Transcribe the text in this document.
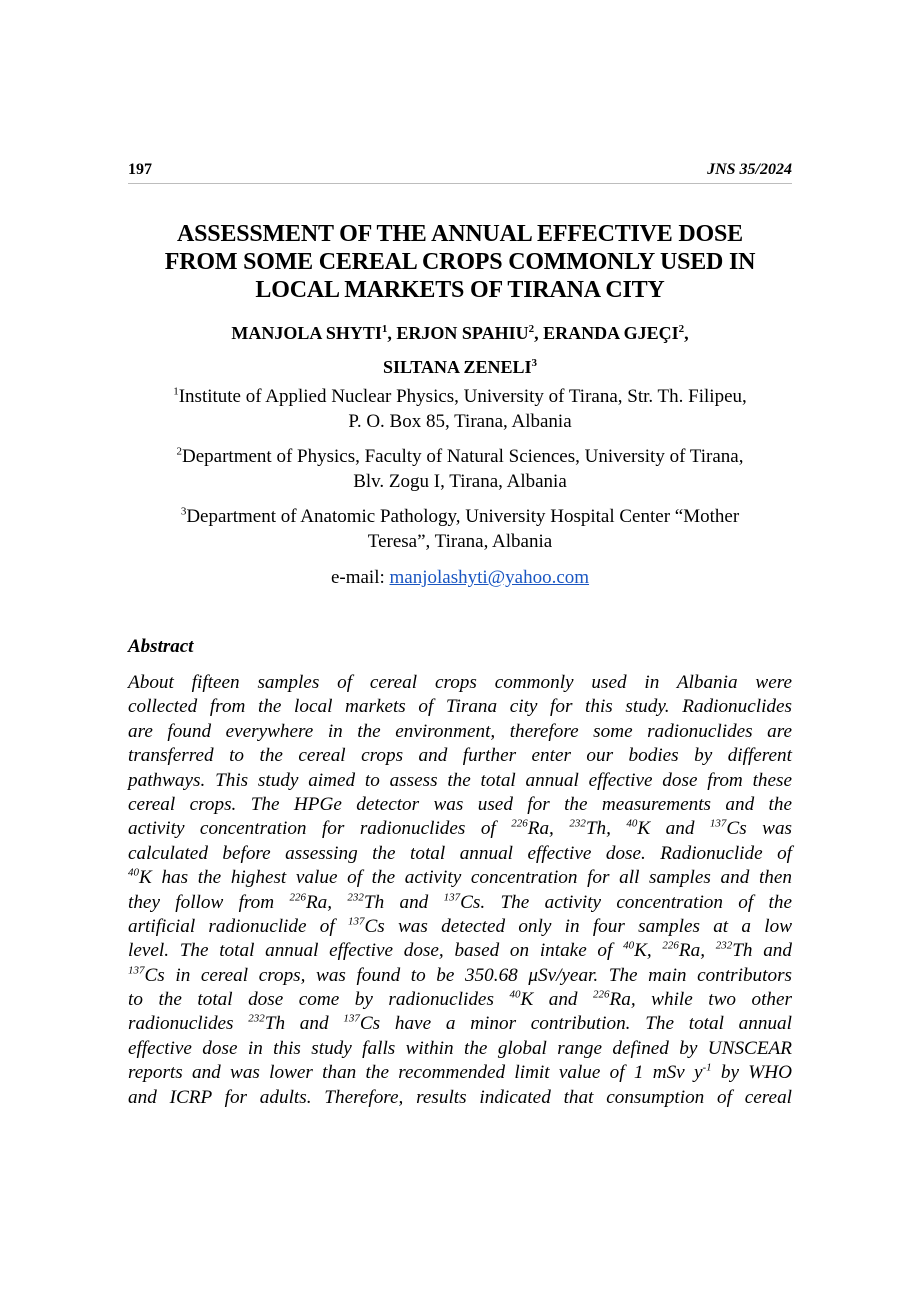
197	JNS 35/2024
ASSESSMENT OF THE ANNUAL EFFECTIVE DOSE
FROM SOME CEREAL CROPS COMMONLY USED IN
LOCAL MARKETS OF TIRANA CITY
MANJOLA SHYTI$^1$, ERJON SPAHIU$^2$, ERANDA GJEÇI$^2$,
SILTANA ZENELI$^3$
$^1$Institute of Applied Nuclear Physics, University of Tirana, Str. Th. Filipeu,
P. O. Box 85, Tirana, Albania
$^2$Department of Physics, Faculty of Natural Sciences, University of Tirana,
Blv. Zogu I, Tirana, Albania
$^3$Department of Anatomic Pathology, University Hospital Center “Mother
Teresa”, Tirana, Albania
e-mail: manjolashyti@yahoo.com
Abstract
About fifteen samples of cereal crops commonly used in Albania were
collected from the local markets of Tirana city for this study. Radionuclides
are found everywhere in the environment, therefore some radionuclides are
transferred to the cereal crops and further enter our bodies by different
pathways. This study aimed to assess the total annual effective dose from these
cereal crops. The HPGe detector was used for the measurements and the
activity concentration for radionuclides of $^{226}$Ra, $^{232}$Th, $^{40}$K and $^{137}$Cs was
calculated before assessing the total annual effective dose. Radionuclide of
$^{40}$K has the highest value of the activity concentration for all samples and then
they follow from $^{226}$Ra, $^{232}$Th and $^{137}$Cs. The activity concentration of the
artificial radionuclide of $^{137}$Cs was detected only in four samples at a low
level. The total annual effective dose, based on intake of $^{40}$K, $^{226}$Ra, $^{232}$Th and
$^{137}$Cs in cereal crops, was found to be 350.68 μSv/year. The main contributors
to the total dose come by radionuclides $^{40}$K and $^{226}$Ra, while two other
radionuclides $^{232}$Th and $^{137}$Cs have a minor contribution. The total annual
effective dose in this study falls within the global range defined by UNSCEAR
reports and was lower than the recommended limit value of 1 mSv $y^{-1}$ by WHO
and ICRP for adults. Therefore, results indicated that consumption of cereal
